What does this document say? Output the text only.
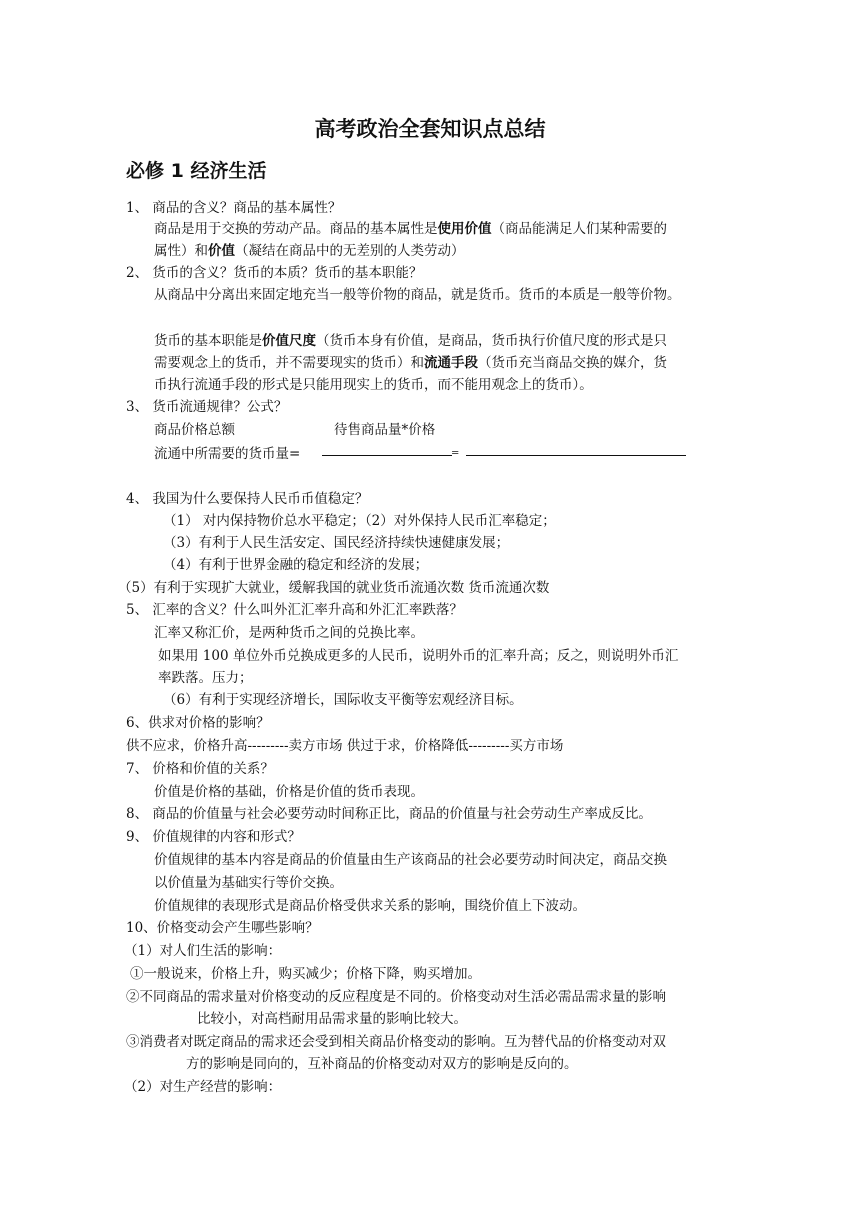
高考政治全套知识点总结
必修 1 经济生活
1、 商品的含义？商品的基本属性？
商品是用于交换的劳动产品。商品的基本属性是使用价值（商品能满足人们某种需要的
属性）和价值（凝结在商品中的无差别的人类劳动）
2、 货币的含义？货币的本质？货币的基本职能？
从商品中分离出来固定地充当一般等价物的商品，就是货币。货币的本质是一般等价物。
货币的基本职能是价值尺度（货币本身有价值，是商品，货币执行价值尺度的形式是只
需要观念上的货币，并不需要现实的货币）和流通手段（货币充当商品交换的媒介，货
币执行流通手段的形式是只能用现实上的货币，而不能用观念上的货币）。
3、 货币流通规律？公式？
商品价格总额	待售商品量*价格
流通中所需要的货币量=	=
4、 我国为什么要保持人民币币值稳定？
（1） 对内保持物价总水平稳定；（2）对外保持人民币汇率稳定；
（3）有利于人民生活安定、国民经济持续快速健康发展；
（4）有利于世界金融的稳定和经济的发展；
（5）有利于实现扩大就业，缓解我国的就业货币流通次数 货币流通次数
5、 汇率的含义？什么叫外汇汇率升高和外汇汇率跌落？
汇率又称汇价，是两种货币之间的兑换比率。
如果用 100 单位外币兑换成更多的人民币，说明外币的汇率升高；反之，则说明外币汇
率跌落。压力；
（6）有利于实现经济增长，国际收支平衡等宏观经济目标。
6、供求对价格的影响？
供不应求，价格升高---------卖方市场 供过于求，价格降低---------买方市场
7、 价格和价值的关系？
价值是价格的基础，价格是价值的货币表现。
8、 商品的价值量与社会必要劳动时间称正比，商品的价值量与社会劳动生产率成反比。
9、 价值规律的内容和形式？
价值规律的基本内容是商品的价值量由生产该商品的社会必要劳动时间决定，商品交换
以价值量为基础实行等价交换。
价值规律的表现形式是商品价格受供求关系的影响，围绕价值上下波动。
10、价格变动会产生哪些影响？
（1）对人们生活的影响：
①一般说来，价格上升，购买减少；价格下降，购买增加。
②不同商品的需求量对价格变动的反应程度是不同的。价格变动对生活必需品需求量的影响
比较小，对高档耐用品需求量的影响比较大。
③消费者对既定商品的需求还会受到相关商品价格变动的影响。互为替代品的价格变动对双
方的影响是同向的，互补商品的价格变动对双方的影响是反向的。
（2）对生产经营的影响：
